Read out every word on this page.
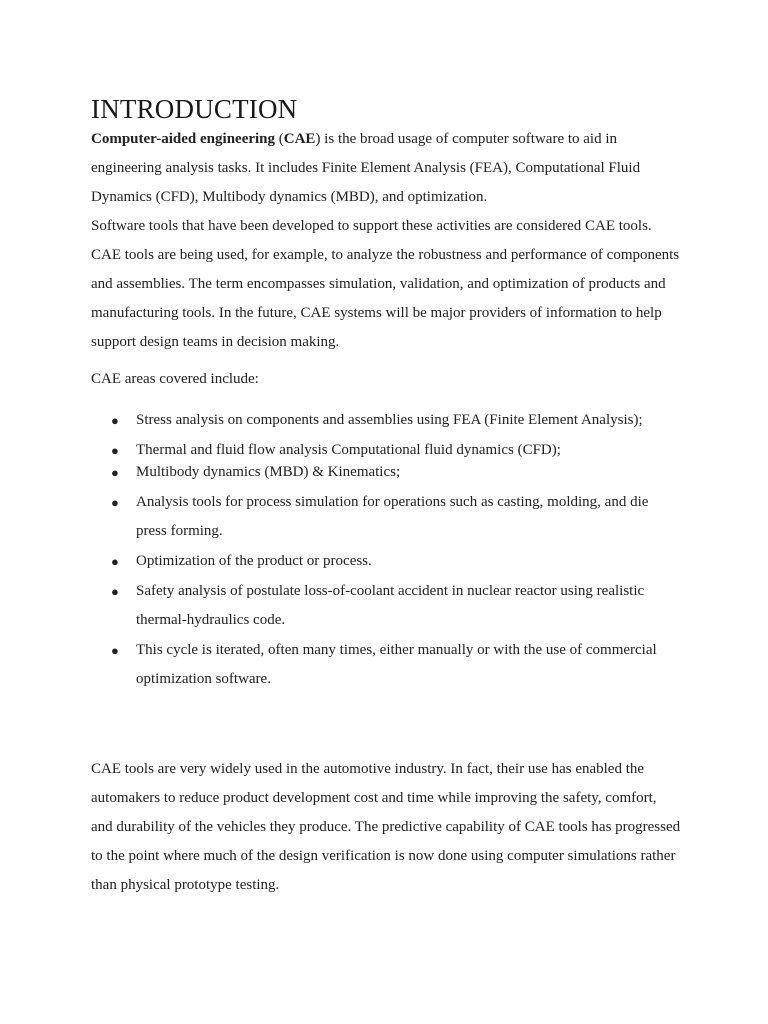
INTRODUCTION

Computer-aided engineering (CAE) is the broad usage of computer software to aid in engineering analysis tasks. It includes Finite Element Analysis (FEA), Computational Fluid Dynamics (CFD), Multibody dynamics (MBD), and optimization.

Software tools that have been developed to support these activities are considered CAE tools. CAE tools are being used, for example, to analyze the robustness and performance of components and assemblies. The term encompasses simulation, validation, and optimization of products and manufacturing tools. In the future, CAE systems will be major providers of information to help support design teams in decision making.

CAE areas covered include:

● Stress analysis on components and assemblies using FEA (Finite Element Analysis);
● Thermal and fluid flow analysis Computational fluid dynamics (CFD);
● Multibody dynamics (MBD) & Kinematics;
● Analysis tools for process simulation for operations such as casting, molding, and die press forming.
● Optimization of the product or process.
● Safety analysis of postulate loss-of-coolant accident in nuclear reactor using realistic thermal-hydraulics code.
● This cycle is iterated, often many times, either manually or with the use of commercial optimization software.

CAE tools are very widely used in the automotive industry. In fact, their use has enabled the automakers to reduce product development cost and time while improving the safety, comfort, and durability of the vehicles they produce. The predictive capability of CAE tools has progressed to the point where much of the design verification is now done using computer simulations rather than physical prototype testing.
